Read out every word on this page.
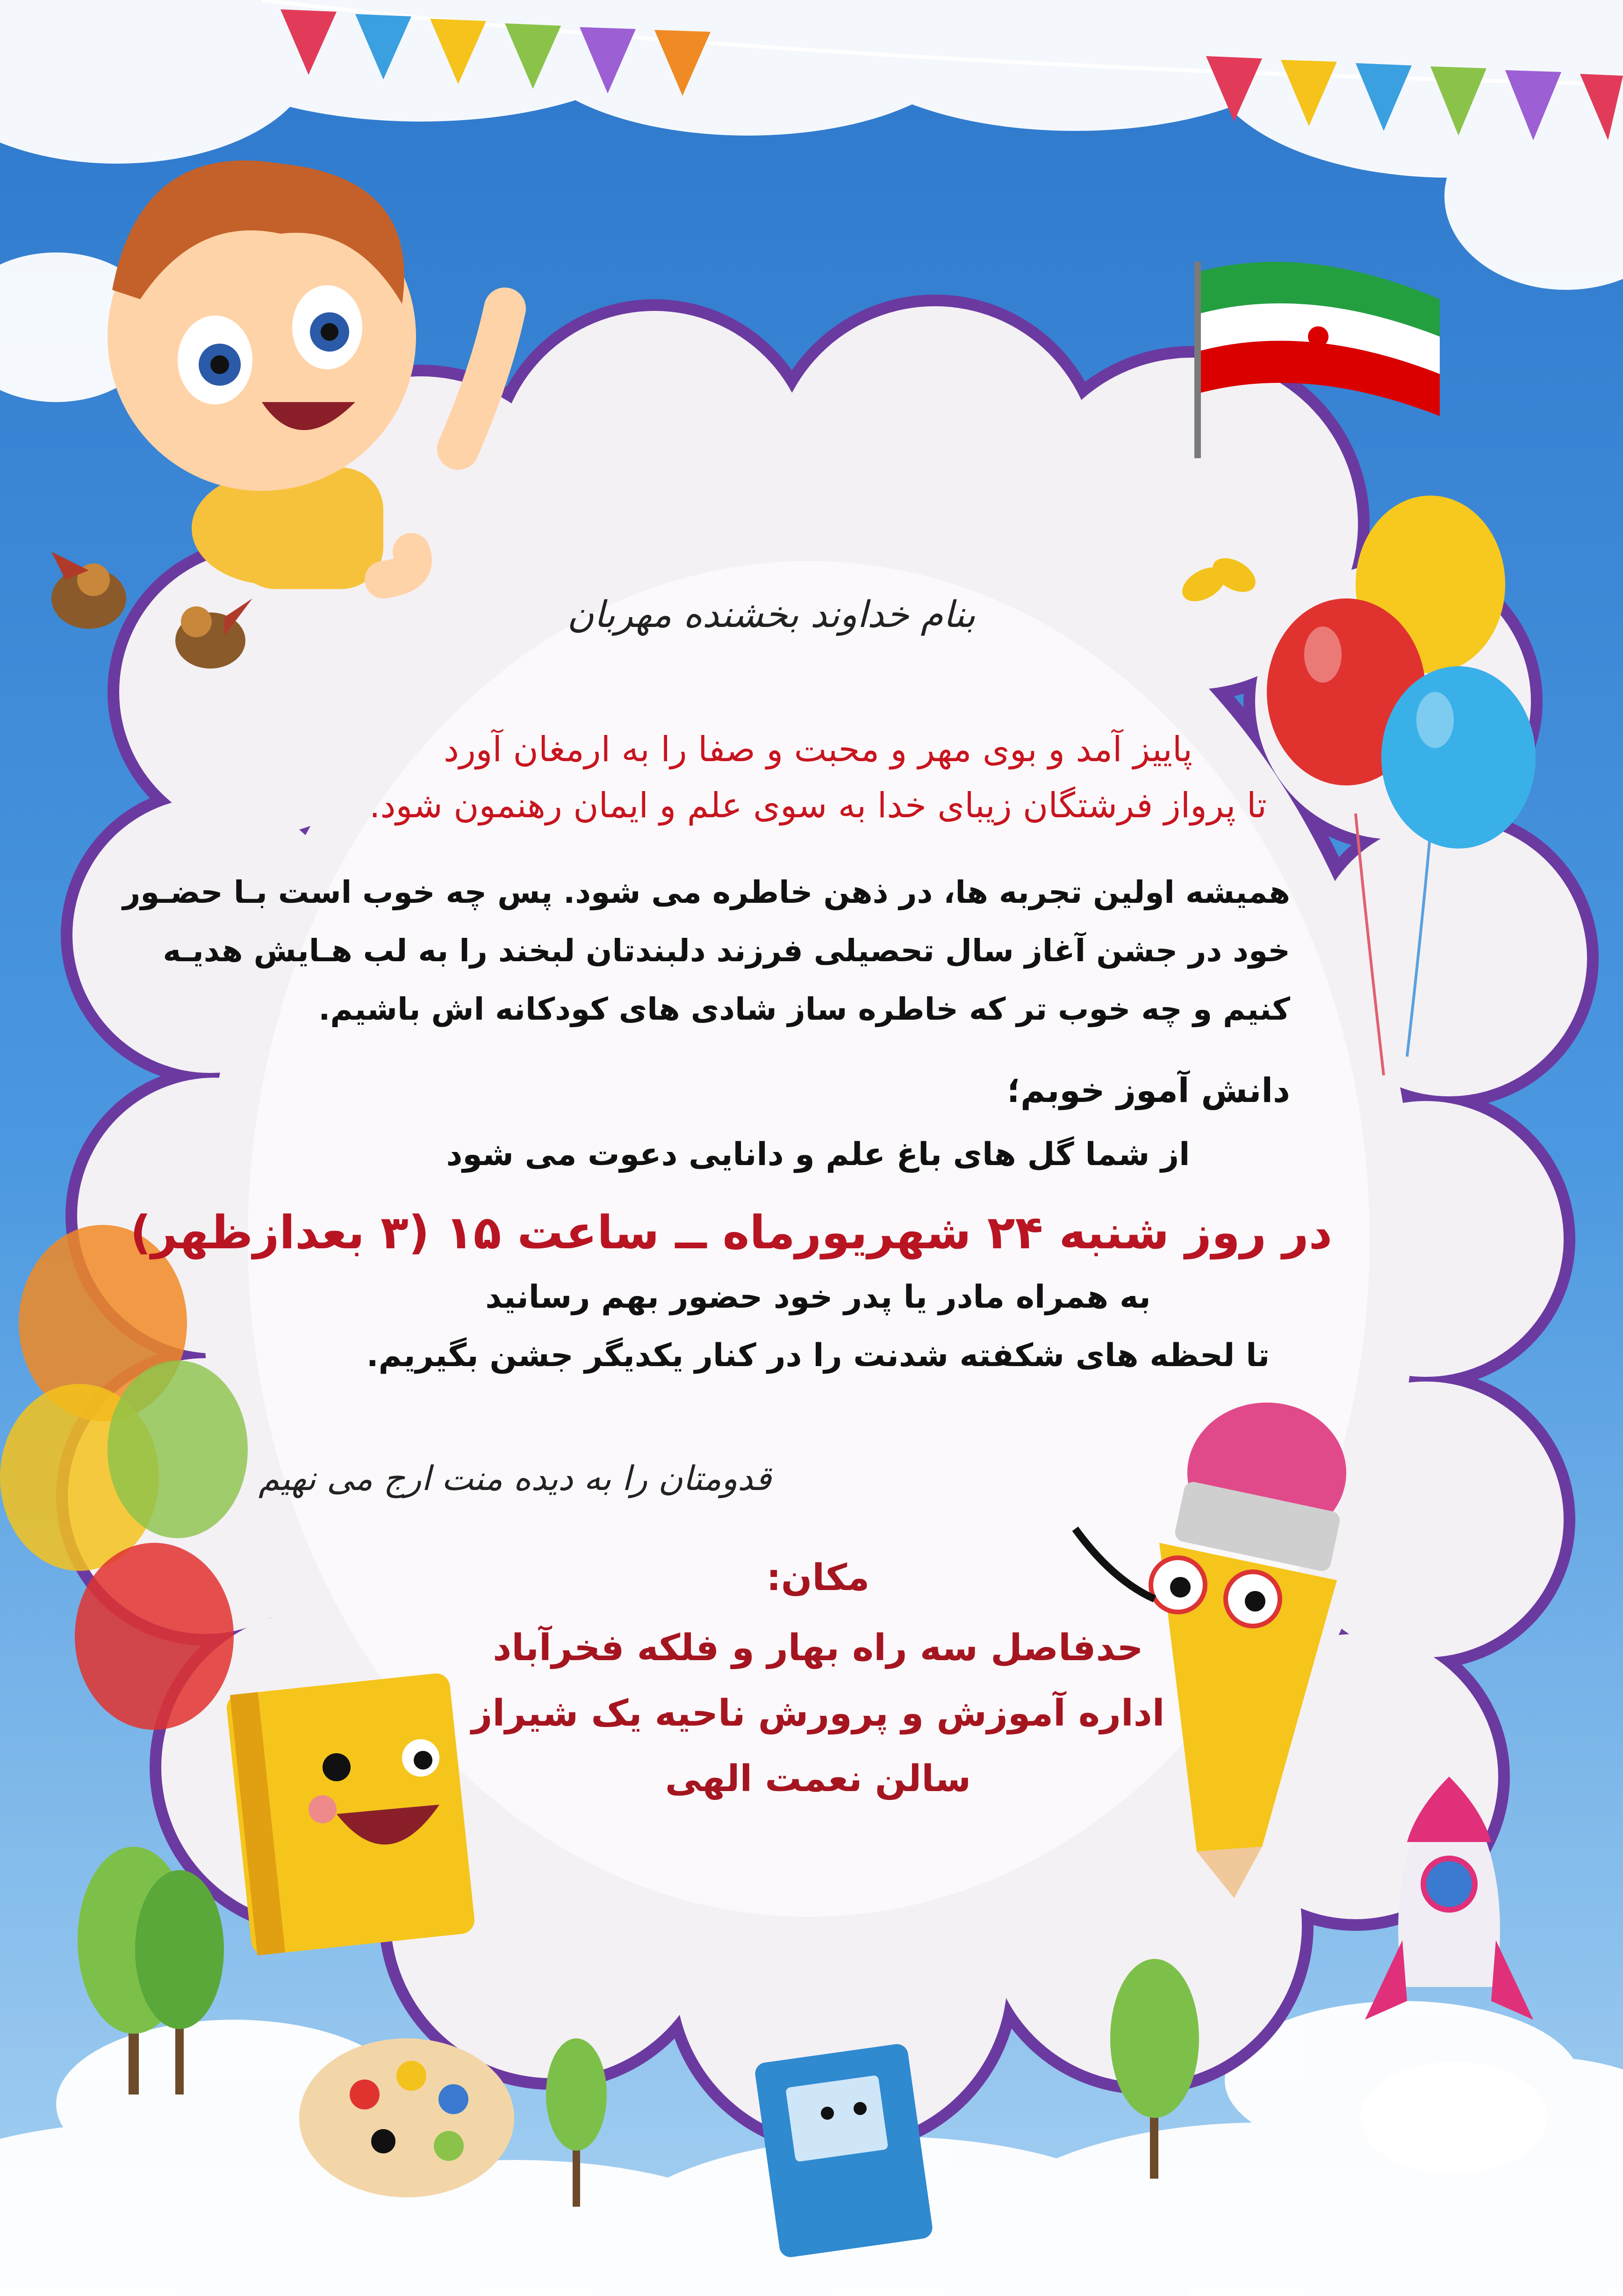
بنام خداوند بخشنده مهربان
پاییز آمد و بوی مهر و محبت و صفا را به ارمغان آورد
تا پرواز فرشتگان زیبای خدا به سوی علم و ایمان رهنمون شود.
همیشه اولین تجربه ها، در ذهن خاطره می شود. پس چه خوب است بـا حضـور
خود در جشن آغاز سال تحصیلی فرزند دلبندتان لبخند را به لب هـایش هدیـه
کنیم و چه خوب تر که خاطره ساز شادی های کودکانه اش باشیم.
دانش آموز خوبم؛
از شما گل های باغ علم و دانایی دعوت می شود
در روز شنبه ۲۴ شهریورماه ــ ساعت ۱۵ (۳ بعدازظهر)
به همراه مادر یا پدر خود حضور بهم رسانید
تا لحظه های شکفته شدنت را در کنار یکدیگر جشن بگیریم.
قدومتان را به دیده منت ارج می نهیم
مکان:
حدفاصل سه راه بهار و فلکه فخرآباد
اداره آموزش و پرورش ناحیه یک شیراز
سالن نعمت الهی
